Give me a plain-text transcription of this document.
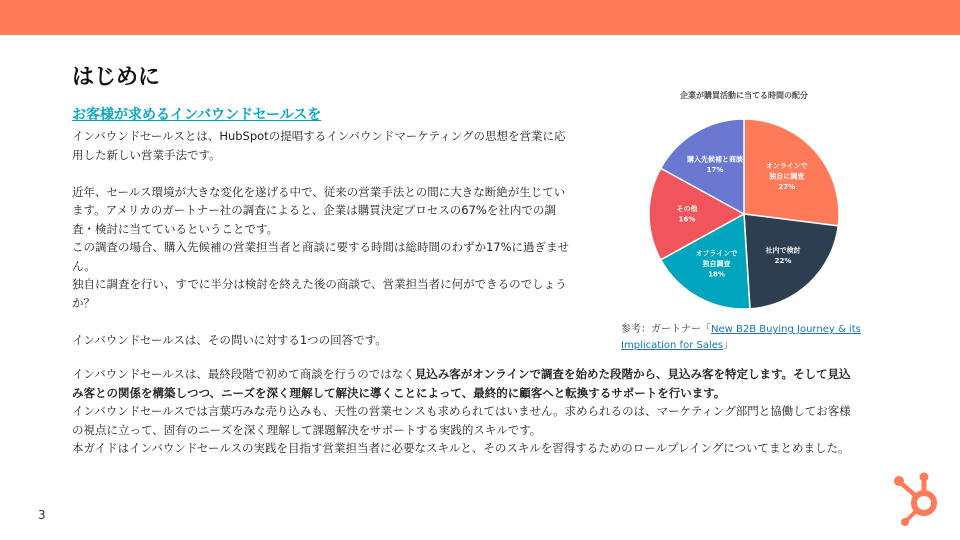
はじめに
お客様が求めるインバウンドセールスを

インバウンドセールスとは、HubSpotの提唱するインバウンドマーケティングの思想を営業に応用した新しい営業手法です。

近年、セールス環境が大きな変化を遂げる中で、従来の営業手法との間に大きな断絶が生じています。アメリカのガートナー社の調査によると、企業は購買決定プロセスの67%を社内での調査・検討に当てているということです。

この調査の場合、購入先候補の営業担当者と商談に要する時間は総時間のわずか17%に過ぎません。

独自に調査を行い、すでに半分は検討を終えた後の商談で、営業担当者に何ができるのでしょうか？

インバウンドセールスは、その問いに対する1つの回答です。

企業が購買活動に当てる時間の配分
オンラインで
独自に調査
27%
社内で検討
22%
オフラインで
独自調査
18%
その他
16%
購入先候補と商談
17%
参考：ガートナー「New B2B Buying Journey & its Implication for Sales」

インバウンドセールスは、最終段階で初めて商談を行うのではなく見込み客がオンラインで調査を始めた段階から、見込み客を特定します。そして見込み客との関係を構築しつつ、ニーズを深く理解して解決に導くことによって、最終的に顧客へと転換するサポートを行います。

インバウンドセールスでは言葉巧みな売り込みも、天性の営業センスも求められてはいません。求められるのは、マーケティング部門と協働してお客様の視点に立って、固有のニーズを深く理解して課題解決をサポートする実践的スキルです。

本ガイドはインバウンドセールスの実践を目指す営業担当者に必要なスキルと、そのスキルを習得するためのロールプレイングについてまとめました。

3
